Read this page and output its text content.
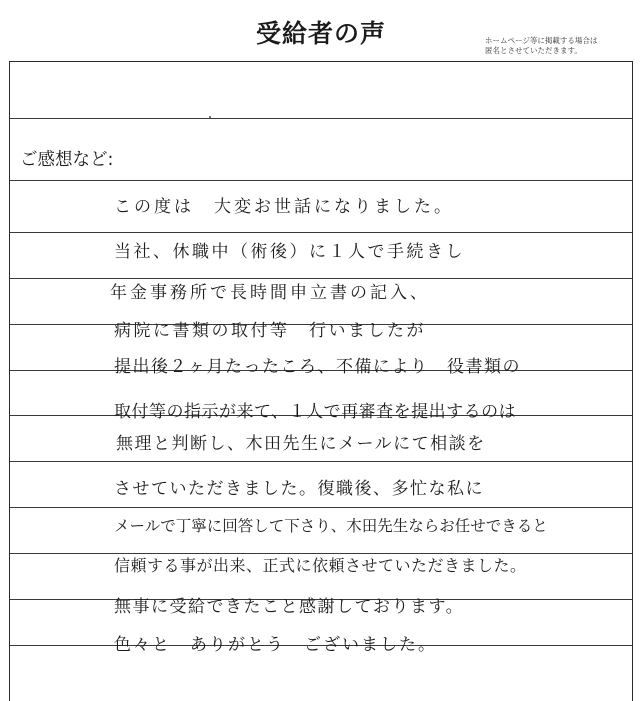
受給者の声	ホームページ等に掲載する場合は
匿名とさせていただきます。
ご感想など:
この度は　大変お世話になりました。
当社、休職中（術後）に１人で手続きし
年金事務所で長時間申立書の記入、
病院に書類の取付等　行いましたが
提出後２ヶ月たったころ、不備により　役書類の
取付等の指示が来て、１人で再審査を提出するのは
無理と判断し、木田先生にメールにて相談を
させていただきました。復職後、多忙な私に
メールで丁寧に回答して下さり、木田先生ならお任せできると
信頼する事が出来、正式に依頼させていただきました。
無事に受給できたこと感謝しております。
色々と　ありがとう　ございました。
